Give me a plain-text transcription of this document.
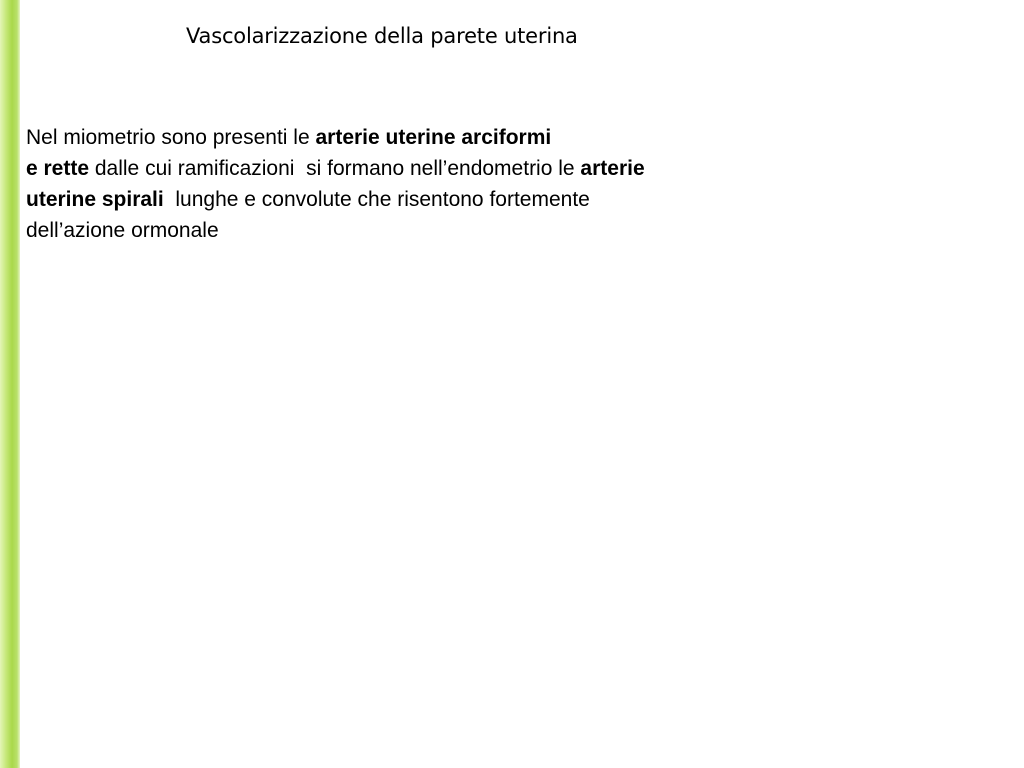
Vascolarizzazione della parete uterina
Nel miometrio sono presenti le arterie uterine arciformi
e rette dalle cui ramificazioni  si formano nell’endometrio le arterie
uterine spirali  lunghe e convolute che risentono fortemente
dell’azione ormonale
